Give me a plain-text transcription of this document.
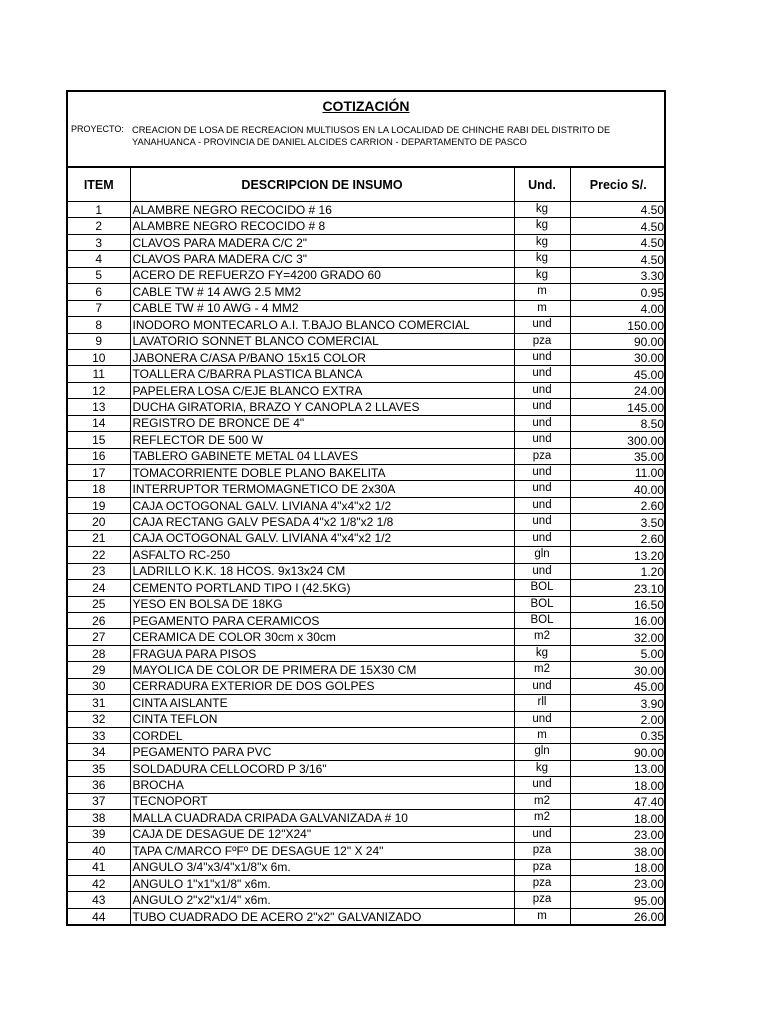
COTIZACIÓN
PROYECTO: CREACION DE LOSA DE RECREACION MULTIUSOS EN LA LOCALIDAD DE CHINCHE RABI DEL DISTRITO DE YANAHUANCA - PROVINCIA DE DANIEL ALCIDES CARRION - DEPARTAMENTO DE PASCO
ITEM	DESCRIPCION DE INSUMO	Und.	Precio S/.
1	ALAMBRE NEGRO RECOCIDO # 16	kg	4.50
2	ALAMBRE NEGRO RECOCIDO # 8	kg	4.50
3	CLAVOS PARA MADERA C/C 2"	kg	4.50
4	CLAVOS PARA MADERA C/C 3"	kg	4.50
5	ACERO DE REFUERZO FY=4200 GRADO 60	kg	3.30
6	CABLE TW # 14 AWG 2.5 MM2	m	0.95
7	CABLE TW # 10 AWG - 4 MM2	m	4.00
8	INODORO MONTECARLO A.I. T.BAJO BLANCO COMERCIAL	und	150.00
9	LAVATORIO SONNET BLANCO COMERCIAL	pza	90.00
10	JABONERA C/ASA P/BANO 15x15 COLOR	und	30.00
11	TOALLERA C/BARRA PLASTICA BLANCA	und	45.00
12	PAPELERA LOSA C/EJE BLANCO EXTRA	und	24.00
13	DUCHA GIRATORIA, BRAZO Y CANOPLA 2 LLAVES	und	145.00
14	REGISTRO DE BRONCE DE 4"	und	8.50
15	REFLECTOR DE 500 W	und	300.00
16	TABLERO GABINETE METAL 04 LLAVES	pza	35.00
17	TOMACORRIENTE DOBLE PLANO BAKELITA	und	11.00
18	INTERRUPTOR TERMOMAGNETICO DE 2x30A	und	40.00
19	CAJA OCTOGONAL GALV. LIVIANA 4"x4"x2 1/2	und	2.60
20	CAJA RECTANG GALV PESADA 4"x2 1/8"x2 1/8	und	3.50
21	CAJA OCTOGONAL GALV. LIVIANA 4"x4"x2 1/2	und	2.60
22	ASFALTO RC-250	gln	13.20
23	LADRILLO K.K. 18 HCOS. 9x13x24 CM	und	1.20
24	CEMENTO PORTLAND TIPO I (42.5KG)	BOL	23.10
25	YESO EN BOLSA DE 18KG	BOL	16.50
26	PEGAMENTO PARA CERAMICOS	BOL	16.00
27	CERAMICA DE COLOR 30cm x 30cm	m2	32.00
28	FRAGUA PARA PISOS	kg	5.00
29	MAYOLICA DE COLOR DE PRIMERA DE 15X30 CM	m2	30.00
30	CERRADURA EXTERIOR DE DOS GOLPES	und	45.00
31	CINTA AISLANTE	rll	3.90
32	CINTA TEFLON	und	2.00
33	CORDEL	m	0.35
34	PEGAMENTO PARA PVC	gln	90.00
35	SOLDADURA CELLOCORD P 3/16"	kg	13.00
36	BROCHA	und	18.00
37	TECNOPORT	m2	47.40
38	MALLA CUADRADA CRIPADA GALVANIZADA # 10	m2	18.00
39	CAJA DE DESAGUE DE 12"X24"	und	23.00
40	TAPA C/MARCO FºFº DE DESAGUE 12" X 24"	pza	38.00
41	ANGULO 3/4"x3/4"x1/8"x 6m.	pza	18.00
42	ANGULO 1"x1"x1/8" x6m.	pza	23.00
43	ANGULO 2"x2"x1/4" x6m.	pza	95.00
44	TUBO CUADRADO DE ACERO 2"x2" GALVANIZADO	m	26.00
